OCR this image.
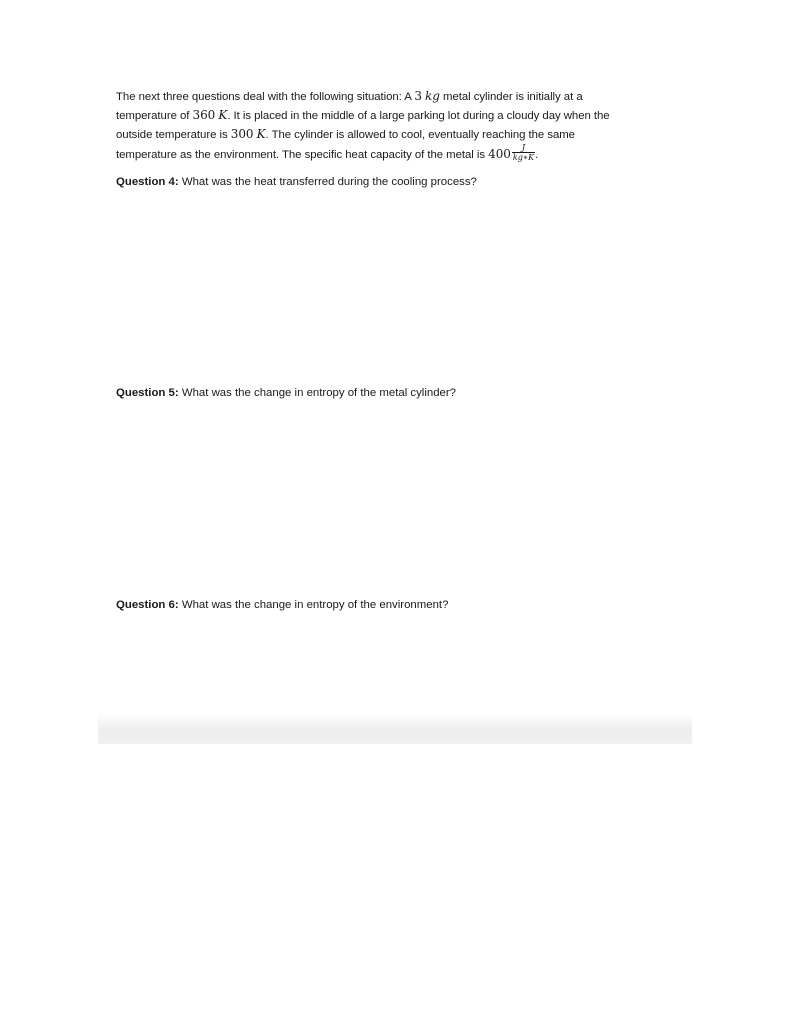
The next three questions deal with the following situation: A 3 kg metal cylinder is initially at a
temperature of 360 K. It is placed in the middle of a large parking lot during a cloudy day when the
outside temperature is 300 K. The cylinder is allowed to cool, eventually reaching the same
temperature as the environment. The specific heat capacity of the metal is $400 \frac{J}{kg∗K}$ .
Question 4: What was the heat transferred during the cooling process?
Question 5: What was the change in entropy of the metal cylinder?
Question 6: What was the change in entropy of the environment?
